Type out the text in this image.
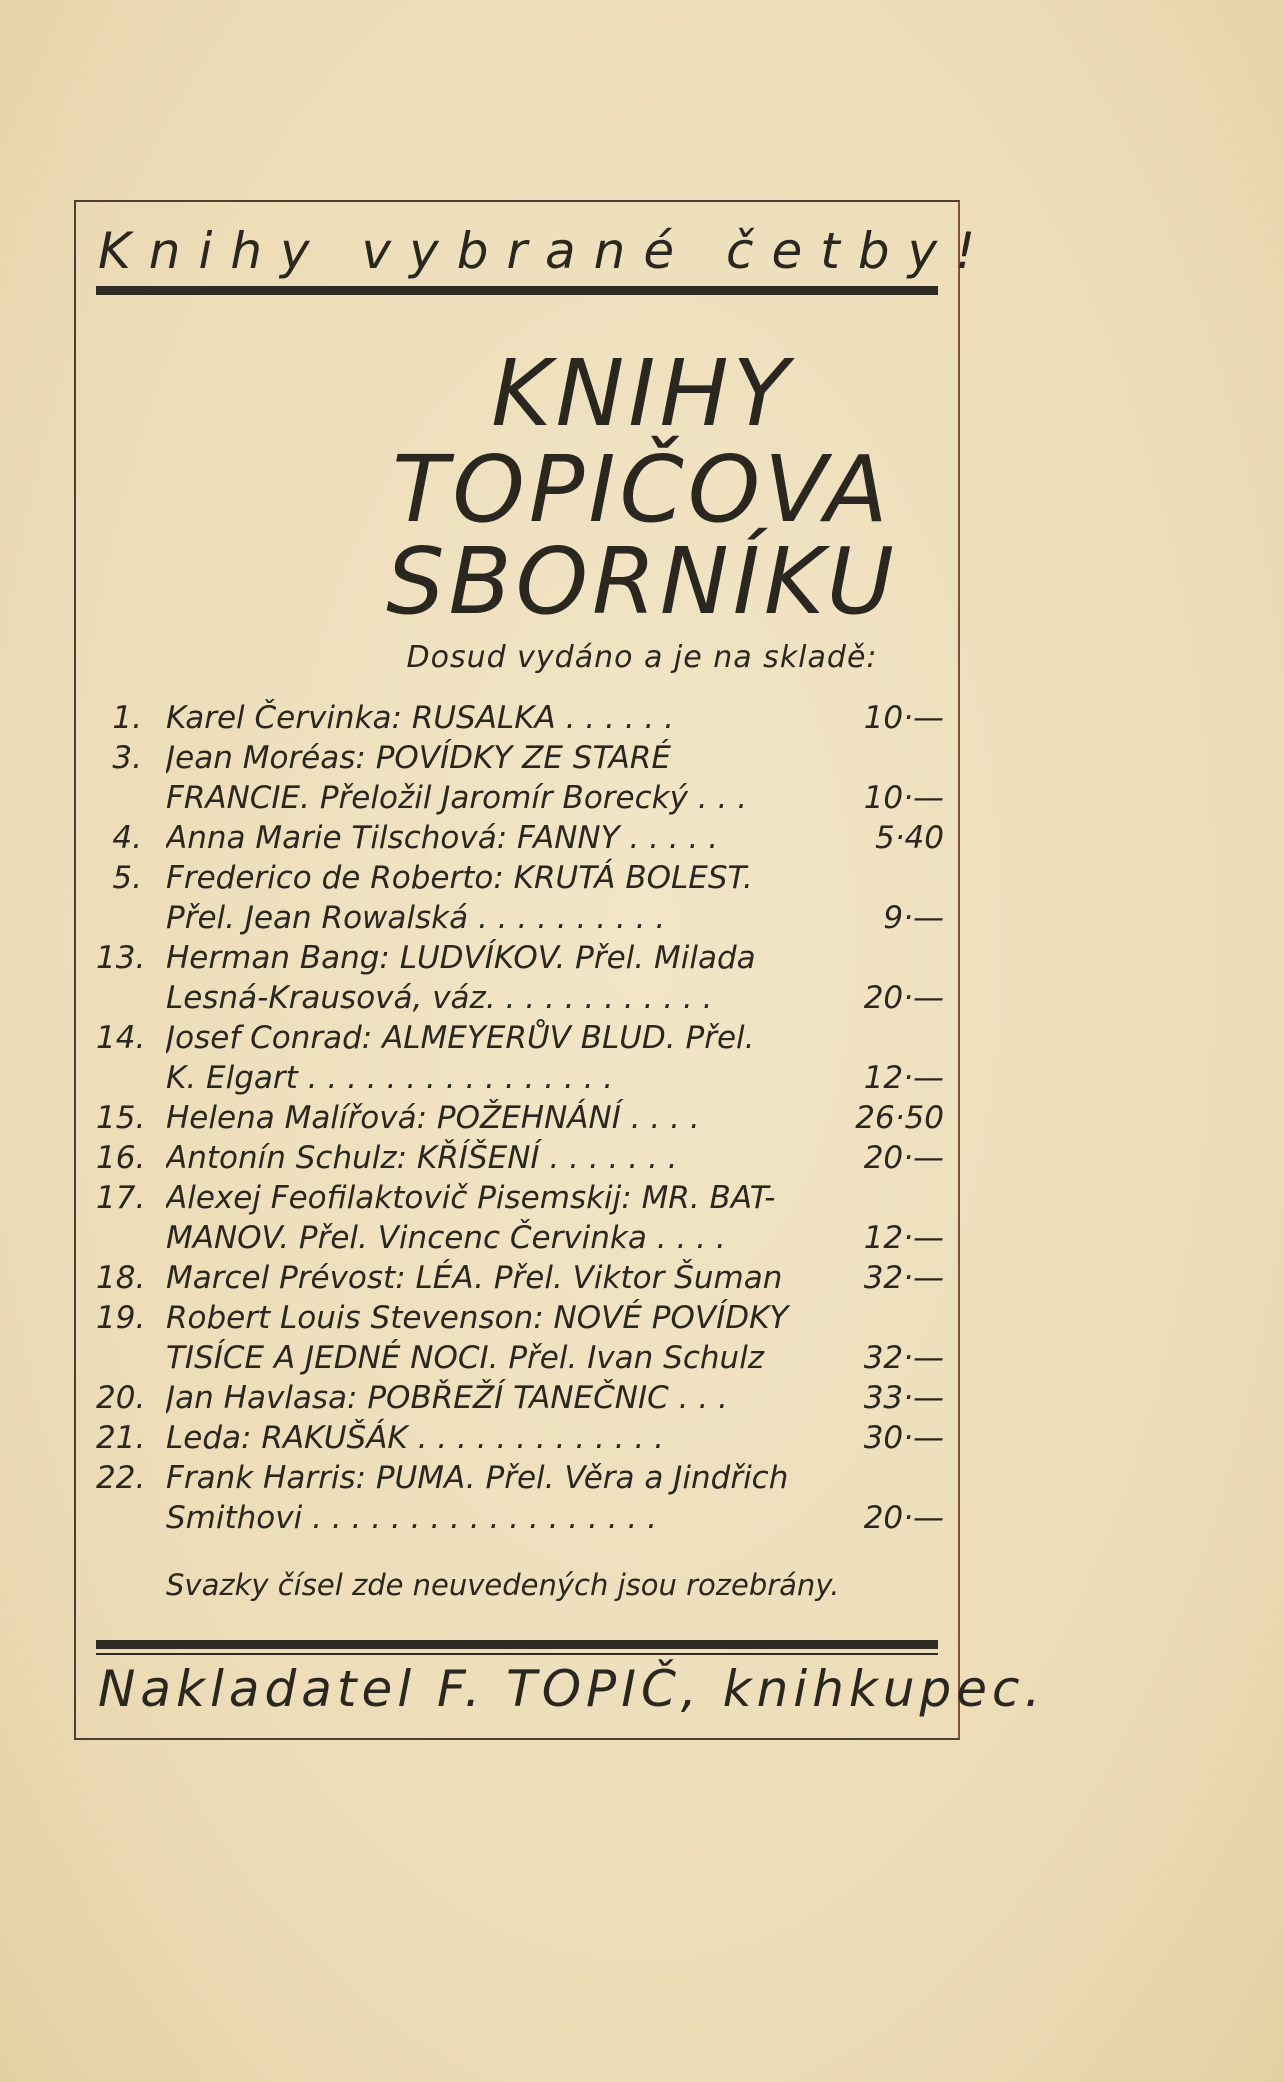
Knihy vybrané četby!
KNIHY
TOPIČOVA
SBORNÍKU
Dosud vydáno a je na skladě:
1. Karel Červinka: RUSALKA . . . . . .	10·—
3. Jean Moréas: POVÍDKY ZE STARÉ
FRANCIE. Přeložil Jaromír Borecký . . .	10·—
4. Anna Marie Tilschová: FANNY . . . . .	5·40
5. Frederico de Roberto: KRUTÁ BOLEST.
Přel. Jean Rowalská . . . . . . . . . .	9·—
13. Herman Bang: LUDVÍKOV. Přel. Milada
Lesná-Krausová, váz. . . . . . . . . . . .	20·—
14. Josef Conrad: ALMEYERŮV BLUD. Přel.
K. Elgart . . . . . . . . . . . . . . . .	12·—
15. Helena Malířová: POŽEHNÁNÍ . . . .	26·50
16. Antonín Schulz: KŘÍŠENÍ . . . . . . .	20·—
17. Alexej Feofilaktovič Pisemskij: MR. BAT-
MANOV. Přel. Vincenc Červinka . . . .	12·—
18. Marcel Prévost: LÉA. Přel. Viktor Šuman	32·—
19. Robert Louis Stevenson: NOVÉ POVÍDKY
TISÍCE A JEDNÉ NOCI. Přel. Ivan Schulz	32·—
20. Jan Havlasa: POBŘEŽÍ TANEČNIC . . .	33·—
21. Leda: RAKUŠÁK . . . . . . . . . . . . .	30·—
22. Frank Harris: PUMA. Přel. Věra a Jindřich
Smithovi . . . . . . . . . . . . . . . . . .	20·—
Svazky čísel zde neuvedených jsou rozebrány.
Nakladatel F. TOPIČ, knihkupec.
